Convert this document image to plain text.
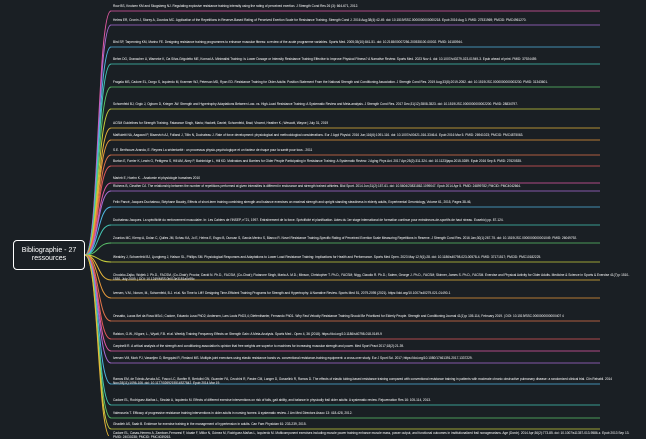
Bibliographie - 27 ressources
Row BS, Knutzen KM and Skogsberg NJ. Regulating explosive resistance training intensity using the rating of perceived exertion. J Strength Cond Res 26 (3): 664-671, 2012.
Helms ER, Cronin J, Storey A, Zourdos MC. Application of the Repetitions in Reserve-Based Rating of Perceived Exertion Scale for Resistance Training. Strength Cond J. 2016 Aug;38(4):42-49. doi: 10.1519/SSC.0000000000000218. Epub 2016 Aug 3. PMID: 27531969; PMCID: PMC4961270.
Bird SP, Tarpenning KM, Marino FE. Designing resistance training programmes to enhance muscular fitness: a review of the acute programme variables. Sports Med. 2005;35(10):841-51. doi: 10.2165/00007256-200535100-00002. PMID: 16180944.
Behm DG, Granacher U, Warneke K, Da Silva-Grigoletto ME, Konrad A. Minimalist Training: Is Lower Dosage or Intensity Resistance Training Effective to Improve Physical Fitness? A Narrative Review. Sports Med. 2023 Nov 4. doi: 10.1007/s40279-023-01949-3. Epub ahead of print. PMID: 37924459.
Fragala MS, Cadore EL, Dorgo S, Izquierdo M, Kraemer WJ, Peterson MD, Ryan ED. Resistance Training for Older Adults: Position Statement From the National Strength and Conditioning Association. J Strength Cond Res. 2019 Aug;33(8):2019-2052. doi: 10.1519/JSC.0000000000003230. PMID: 31343601.
Schoenfeld BJ, Grgic J, Ogborn D, Krieger JW. Strength and Hypertrophy Adaptations Between Low- vs. High-Load Resistance Training: A Systematic Review and Meta-analysis. J Strength Cond Res. 2017 Dec;31(12):3508-3523. doi: 10.1519/JSC.0000000000002200. PMID: 28834797.
ACSM Guidelines for Strength Training. Fatarance Singh, Maria; Hackett, Daniel; Schoenfeld, Brad; Vincent, Heather K.; Wescott, Wayne | July 31, 2019
Maffiuletti NA, Aagaard P, Blazevich AJ, Folland J, Tillin N, Duchateau J. Rate of force development: physiological and methodological considerations. Eur J Appl Physiol. 2016 Jun;116(6):1091-116. doi: 10.1007/s00421-016-3346-6. Epub 2016 Mar 5. PMID: 26941023; PMCID: PMC4875063.
S.E. Berthouze-Aranda, E. Reynes La sédentarité : un processus physio-psychologique et un facteur de risque pour la santé pour tous - 2011
Burton E, Farrier K, Lewin G, Pettigrew S, Hill AM, Airey P, Bainbridge L, Hill KD. Motivators and Barriers for Older People Participating in Resistance Training: A Systematic Review. J Aging Phys Act. 2017 Apr;25(2):311-324. doi: 10.1123/japa.2015-0289. Epub 2016 Sep 8. PMID: 27620535.
Marieb E, Hoehn K. - Anatomie et physiologie humaines 2010
Richens B, Cleather DJ. The relationship between the number of repetitions performed at given intensities is different in endurance and strength trained athletes. Biol Sport. 2014 Jun;31(2):157-61. doi: 10.5604/20831862.1099047. Epub 2014 Apr 5. PMID: 24899782; PMCID: PMC4042664.
Felix Pancé, Jacques Duchateau, Stéphane Baudry, Effects of short-term training combining strength and balance exercises on maximal strength and upright standing steadiness in elderly adults, Experimental Gerontology, Volume 61, 2015, Pages 38-46,
Duchateau Jacques. La spécificité du renforcement musculaire. In: Les Cahiers de l'INSEP, n°21, 1997. Entraînement de la force. Spécificité et planification. Actes du 1er stage international de formation continue pour entraîneurs-de-sportifs de haut niveau. Eusebio) pp. 87-124.
Zourdos MC, Klemp A, Dolan C, Quiles JM, Schau KA, Jo E, Helms E, Esgro B, Duncan S, Garcia Merino S, Blanco R. Novel Resistance Training-Specific Rating of Perceived Exertion Scale Measuring Repetitions in Reserve. J Strength Cond Res. 2016 Jan;30(1):267-75. doi: 10.1519/JSC.0000000000001049. PMID: 26049792.
Weakley J, Schoenfeld BJ, Ljungberg J, Halson SL, Phillips SM. Physiological Responses and Adaptations to Lower Load Resistance Training: Implications for Health and Performance. Sports Med Open. 2023 May 12;9(1):28. doi: 10.1186/s40798-023-00578-4. PMID: 37171517; PMCID: PMC10182225.
Chodzko-Zajko, Wojtek J. Ph.D., FACSM, (Co-Chair); Proctor, David N. Ph.D., FACSM, (Co-Chair); Fiatarone Singh, Maria A. M.D.; Minson, Christopher T. Ph.D., FACSM; Nigg, Claudio R. Ph.D.; Salem, George J. Ph.D., FACSM; Skinner, James S. Ph.D., FACSM. Exercise and Physical Activity for Older Adults. Medicine & Science in Sports & Exercise 41(7):p 1510-1530, July 2009. | DOI: 10.1249/MSS.0b013e3181a0c95c
Iversen, V.M., Norum, M., Schoenfeld, B.J. et al. No Time to Lift? Designing Time-Efficient Training Programs for Strength and Hypertrophy: A Narrative Review. Sports Med 51, 2079-2095 (2021). https://doi.org/10.1007/s40279-021-01490-1
Orssatto, Lucas Bet da Rosa MSc1; Cadore, Eduardo Lusa PhD2; Andersen, Lars Louis PhD3,4; Diefenthaeler, Fernando PhD1. Why Fast Velocity Resistance Training Should Be Prioritized for Elderly People. Strength and Conditioning Journal 41(1):p 105-114, February 2019. | DOI: 10.1519/SSC.0000000000000407 4
Ralston, G.W., Kilgore, L., Wyatt, F.B. et al. Weekly Training Frequency Effects on Strength Gain: A Meta-Analysis. Sports Med - Open 4, 36 (2018). https://doi.org/10.1186/s40798-018-0149-9
Carpinelli R. A critical analysis of the strength and conditioning association's opinion that free weights are superior to machines for increasing muscular strength and power. Med Sport Pract 2017;18(2):21-39.
Iversen VM, Mork PJ, Vasseljen O, Bergquist R, Fimland MS. Multiple-joint exercises using elastic resistance bands vs. conventional resistance-training equipment: a cross-over study. Eur J Sport Sci. 2017; https://doi.org/10.1080/17461391.2017.1337229.
Ramos EM, de Toledo-Arruda AC, Fosco LC, Bonfim R, Bertolini GN, Guarnier FA, Cecchini R, Pastre CM, Langer D, Gosselink R, Ramos D. The effects of elastic tubing-based resistance training compared with conventional resistance training in patients with moderate chronic obstructive pulmonary disease: a randomized clinical trial. Clin Rehabil. 2014 Nov;28(11):1096-106. doi: 10.1177/0269215514527842. Epub 2014 Mar 19.
Cadore EL, Rodríguez-Mañas L, Sinclair A, Izquierdo M. Effects of different exercise interventions on risk of falls, gait ability, and balance in physically frail older adults: A systematic review. Rejuvenation Res 16: 105-114, 2013.
Valenzuela T. Efficacy of progressive resistance training interventions in older adults in nursing homes: A systematic review. J Am Med Directors Assoc 13: 418-428, 2012.
Ghadieh AS, Saab B. Evidence for exercise training in the management of hypertension in adults. Can Fam Physician 61: 233-239, 2015.
Cadore EL, Casas-Herrero A, Zambom-Ferraresi F, Idoate F, Millor N, Gómez M, Rodriguez-Mañas L, Izquierdo M. Multicomponent exercises including muscle power training enhance muscle mass, power output, and functional outcomes in institutionalized frail nonagenarians. Age (Dordr). 2014 Apr;36(2):773-85. doi: 10.1007/s11357-013-9586-z. Epub 2013 Sep 13. PMID: 24030238; PMCID: PMC4039263.
